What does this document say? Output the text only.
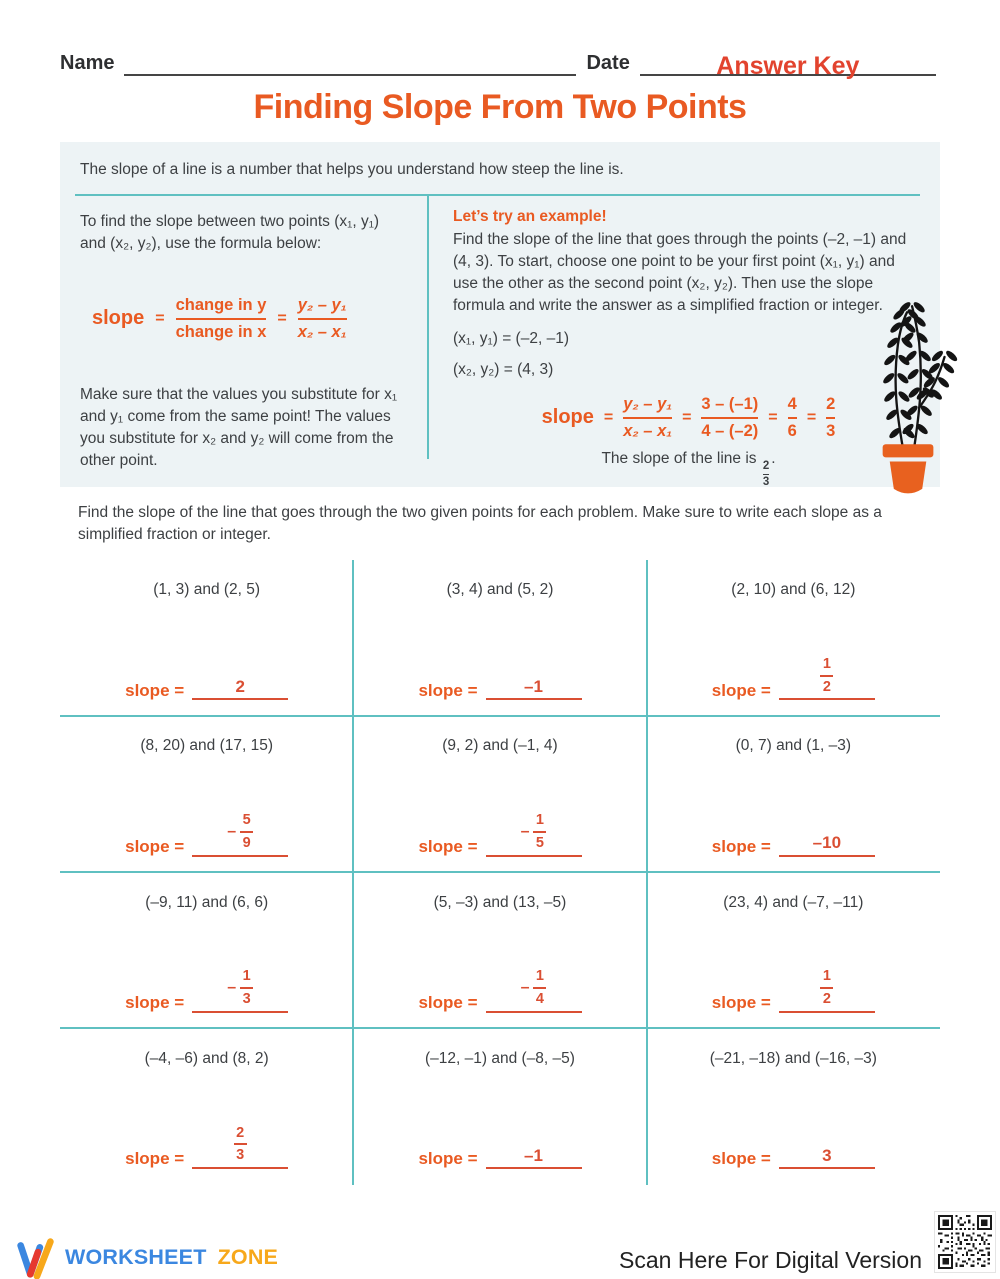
Name	Date	Answer Key
Finding Slope From Two Points
The slope of a line is a number that helps you understand how steep the line is.
To find the slope between two points (x₁, y₁) and (x₂, y₂), use the formula below:
slope =
change in y
change in x
=
y₂ – y₁
x₂ – x₁
Make sure that the values you substitute for x₁ and y₁ come from the same point! The values you substitute for x₂ and y₂ will come from the other point.
Let’s try an example!
Find the slope of the line that goes through the points (–2, –1) and (4, 3). To start, choose one point to be your first point (x₁, y₁) and use the other as the second point (x₂, y₂). Then use the slope formula and write the answer as a simplified fraction or integer.
(x₁, y₁) = (–2, –1)
(x₂, y₂) = (4, 3)
slope =
y₂ – y₁
x₂ – x₁
=
3 – (–1)
4 – (–2)
=
4
6
=
2
3
The slope of the line is
$\frac{2}{3}$
.
Find the slope of the line that goes through the two given points for each problem. Make sure to write each slope as a simplified fraction or integer.
(1, 3) and (2, 5)
slope =	2
(3, 4) and (5, 2)
slope =	–1
(2, 10) and (6, 12)
slope =
1
2
(8, 20) and (17, 15)
slope =
–
5
9
(9, 2) and (–1, 4)
slope =
–
1
5
(0, 7) and (1, –3)
slope = –10
(–9, 11) and (6, 6)
slope =
–
1
3
(5, –3) and (13, –5)
slope =
–
1
4
(23, 4) and (–7, –11)
slope =
1
2
(–4, –6) and (8, 2)
slope =
2
3
(–12, –1) and (–8, –5)
slope =	–1
(–21, –18) and (–16, –3)
slope =	3
WORKSHEET ZONE	Scan Here For Digital Version
